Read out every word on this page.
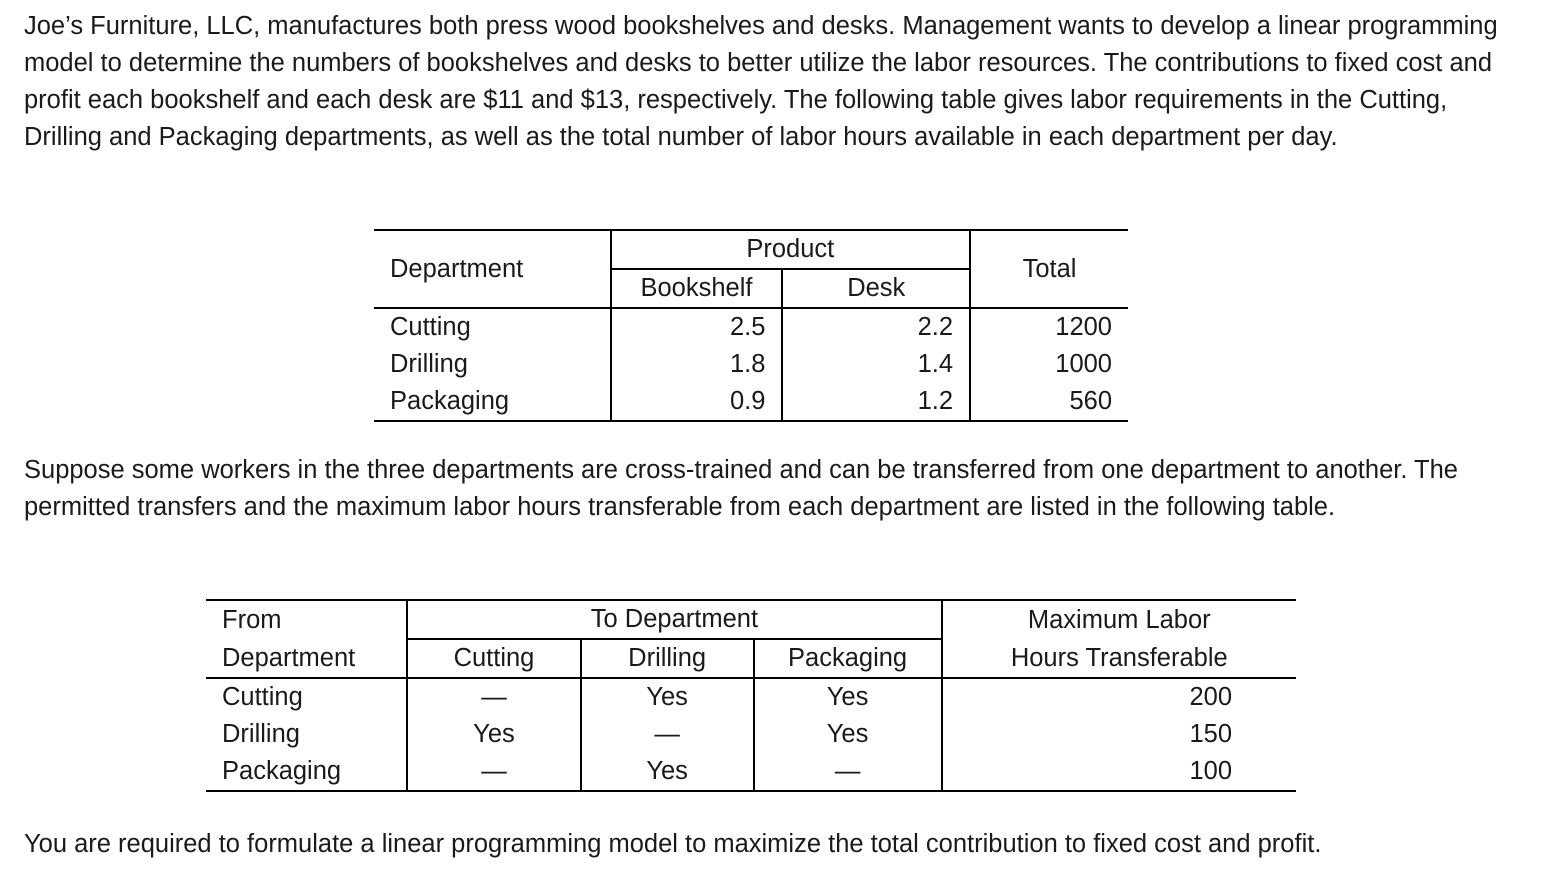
Joe’s Furniture, LLC, manufactures both press wood bookshelves and desks. Management wants to develop a linear programming model to determine the numbers of bookshelves and desks to better utilize the labor resources. The contributions to fixed cost and profit each bookshelf and each desk are $11 and $13, respectively. The following table gives labor requirements in the Cutting, Drilling and Packaging departments, as well as the total number of labor hours available in each department per day.

Department	Product		Total
	Bookshelf	Desk	
Cutting	2.5	2.2	1200
Drilling	1.8	1.4	1000
Packaging	0.9	1.2	560

Suppose some workers in the three departments are cross-trained and can be transferred from one department to another. The permitted transfers and the maximum labor hours transferable from each department are listed in the following table.

From	To Department			Maximum Labor
Department	Cutting	Drilling	Packaging	Hours Transferable
Cutting	—	Yes	Yes	200
Drilling	Yes	—	Yes	150
Packaging	—	Yes	—	100

You are required to formulate a linear programming model to maximize the total contribution to fixed cost and profit.
